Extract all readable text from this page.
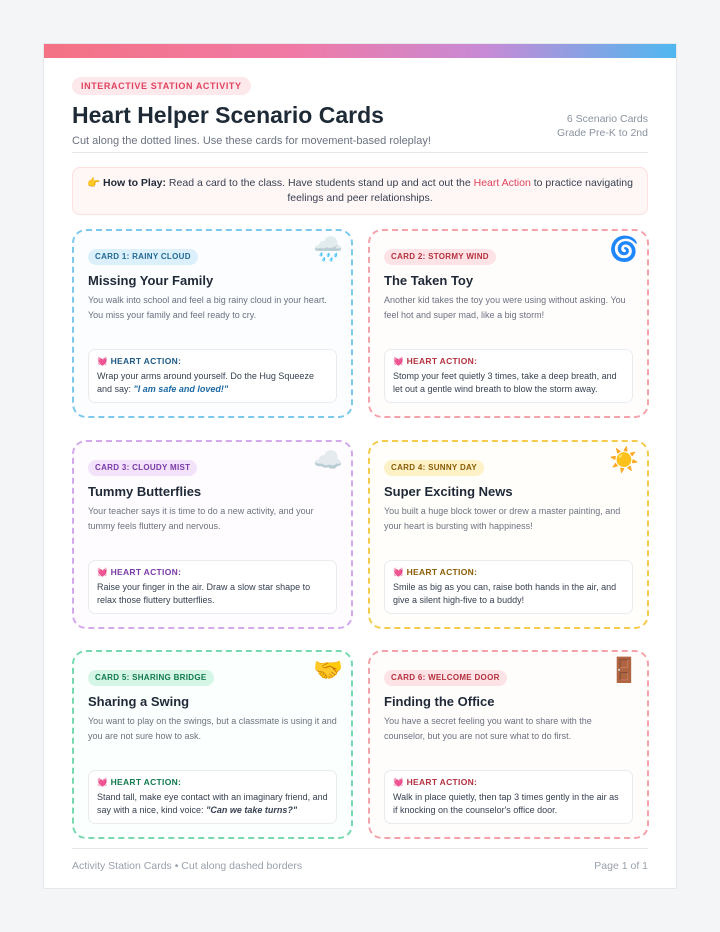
INTERACTIVE STATION ACTIVITY
Heart Helper Scenario Cards
Cut along the dotted lines. Use these cards for movement-based roleplay!
6 Scenario Cards
Grade Pre-K to 2nd
👉 How to Play: Read a card to the class. Have students stand up and act out the Heart Action to practice navigating feelings and peer relationships.
CARD 1: RAINY CLOUD	🌧️
Missing Your Family
You walk into school and feel a big rainy cloud in your heart. You miss your family and feel ready to cry.
💓 HEART ACTION:
Wrap your arms around yourself. Do the Hug Squeeze and say: "I am safe and loved!"
CARD 2: STORMY WIND	🌀
The Taken Toy
Another kid takes the toy you were using without asking. You feel hot and super mad, like a big storm!
💓 HEART ACTION:
Stomp your feet quietly 3 times, take a deep breath, and let out a gentle wind breath to blow the storm away.
CARD 3: CLOUDY MIST	☁️
Tummy Butterflies
Your teacher says it is time to do a new activity, and your tummy feels fluttery and nervous.
💓 HEART ACTION:
Raise your finger in the air. Draw a slow star shape to relax those fluttery butterflies.
CARD 4: SUNNY DAY	☀️
Super Exciting News
You built a huge block tower or drew a master painting, and your heart is bursting with happiness!
💓 HEART ACTION:
Smile as big as you can, raise both hands in the air, and give a silent high-five to a buddy!
CARD 5: SHARING BRIDGE	🤝
Sharing a Swing
You want to play on the swings, but a classmate is using it and you are not sure how to ask.
💓 HEART ACTION:
Stand tall, make eye contact with an imaginary friend, and say with a nice, kind voice: "Can we take turns?"
CARD 6: WELCOME DOOR	🚪
Finding the Office
You have a secret feeling you want to share with the counselor, but you are not sure what to do first.
💓 HEART ACTION:
Walk in place quietly, then tap 3 times gently in the air as if knocking on the counselor's office door.
Activity Station Cards • Cut along dashed borders	Page 1 of 1
